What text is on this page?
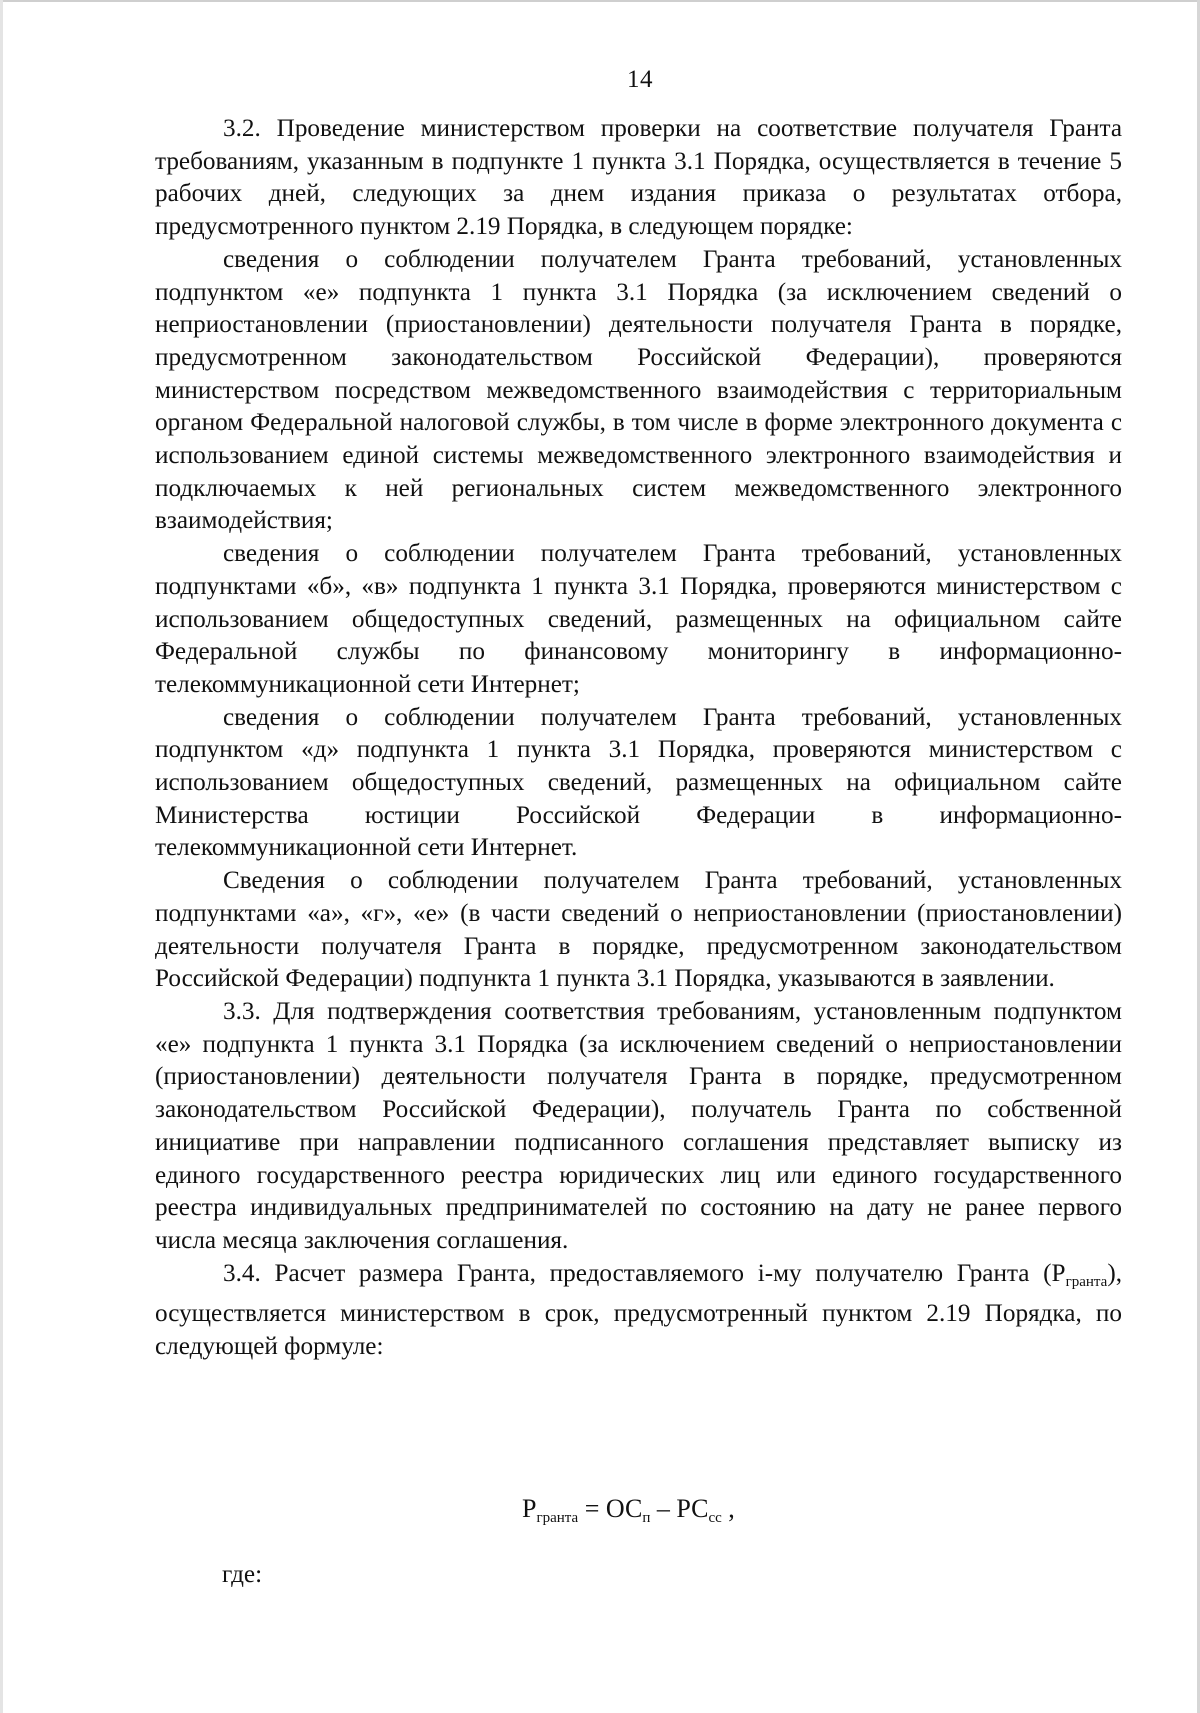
14

3.2. Проведение министерством проверки на соответствие получателя Гранта требованиям, указанным в подпункте 1 пункта 3.1 Порядка, осуществляется в течение 5 рабочих дней, следующих за днем издания приказа о результатах отбора, предусмотренного пунктом 2.19 Порядка, в следующем порядке:

сведения о соблюдении получателем Гранта требований, установленных подпунктом «е» подпункта 1 пункта 3.1 Порядка (за исключением сведений о неприостановлении (приостановлении) деятельности получателя Гранта в порядке, предусмотренном законодательством Российской Федерации), проверяются министерством посредством межведомственного взаимодействия с территориальным органом Федеральной налоговой службы, в том числе в форме электронного документа с использованием единой системы межведомственного электронного взаимодействия и подключаемых к ней региональных систем межведомственного электронного взаимодействия;

сведения о соблюдении получателем Гранта требований, установленных подпунктами «б», «в» подпункта 1 пункта 3.1 Порядка, проверяются министерством с использованием общедоступных сведений, размещенных на официальном сайте Федеральной службы по финансовому мониторингу в информационно-телекоммуникационной сети Интернет;

сведения о соблюдении получателем Гранта требований, установленных подпунктом «д» подпункта 1 пункта 3.1 Порядка, проверяются министерством с использованием общедоступных сведений, размещенных на официальном сайте Министерства юстиции Российской Федерации в информационно-телекоммуникационной сети Интернет.

Сведения о соблюдении получателем Гранта требований, установленных подпунктами «а», «г», «е» (в части сведений о неприостановлении (приостановлении) деятельности получателя Гранта в порядке, предусмотренном законодательством Российской Федерации) подпункта 1 пункта 3.1 Порядка, указываются в заявлении.

3.3. Для подтверждения соответствия требованиям, установленным подпунктом «е» подпункта 1 пункта 3.1 Порядка (за исключением сведений о неприостановлении (приостановлении) деятельности получателя Гранта в порядке, предусмотренном законодательством Российской Федерации), получатель Гранта по собственной инициативе при направлении подписанного соглашения представляет выписку из единого государственного реестра юридических лиц или единого государственного реестра индивидуальных предпринимателей по состоянию на дату не ранее первого числа месяца заключения соглашения.

3.4. Расчет размера Гранта, предоставляемого i-му получателю Гранта (Ргранта), осуществляется министерством в срок, предусмотренный пунктом 2.19 Порядка, по следующей формуле:

$Р_{гранта} = ОС_п - РС_{сс}$ ,
где:
